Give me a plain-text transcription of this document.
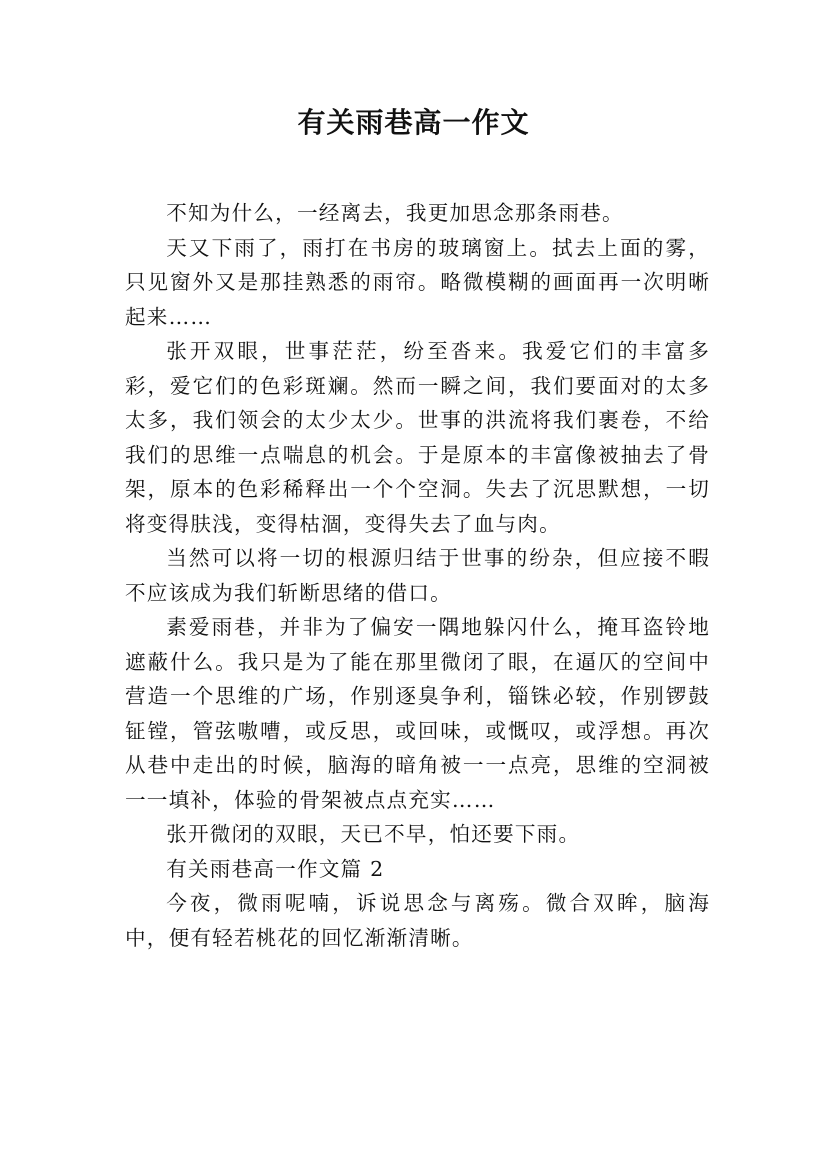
有关雨巷高一作文

不知为什么，一经离去，我更加思念那条雨巷。

天又下雨了，雨打在书房的玻璃窗上。拭去上面的雾，只见窗外又是那挂熟悉的雨帘。略微模糊的画面再一次明晰起来……

张开双眼，世事茫茫，纷至沓来。我爱它们的丰富多彩，爱它们的色彩斑斓。然而一瞬之间，我们要面对的太多太多，我们领会的太少太少。世事的洪流将我们裹卷，不给我们的思维一点喘息的机会。于是原本的丰富像被抽去了骨架，原本的色彩稀释出一个个空洞。失去了沉思默想，一切将变得肤浅，变得枯涸，变得失去了血与肉。

当然可以将一切的根源归结于世事的纷杂，但应接不暇不应该成为我们斩断思绪的借口。

素爱雨巷，并非为了偏安一隅地躲闪什么，掩耳盗铃地遮蔽什么。我只是为了能在那里微闭了眼，在逼仄的空间中营造一个思维的广场，作别逐臭争利，锱铢必较，作别锣鼓钲镗，管弦嗷嘈，或反思，或回味，或慨叹，或浮想。再次从巷中走出的时候，脑海的暗角被一一点亮，思维的空洞被一一填补，体验的骨架被点点充实……

张开微闭的双眼，天已不早，怕还要下雨。

有关雨巷高一作文篇 2

今夜，微雨呢喃，诉说思念与离殇。微合双眸，脑海中，便有轻若桃花的回忆渐渐清晰。
